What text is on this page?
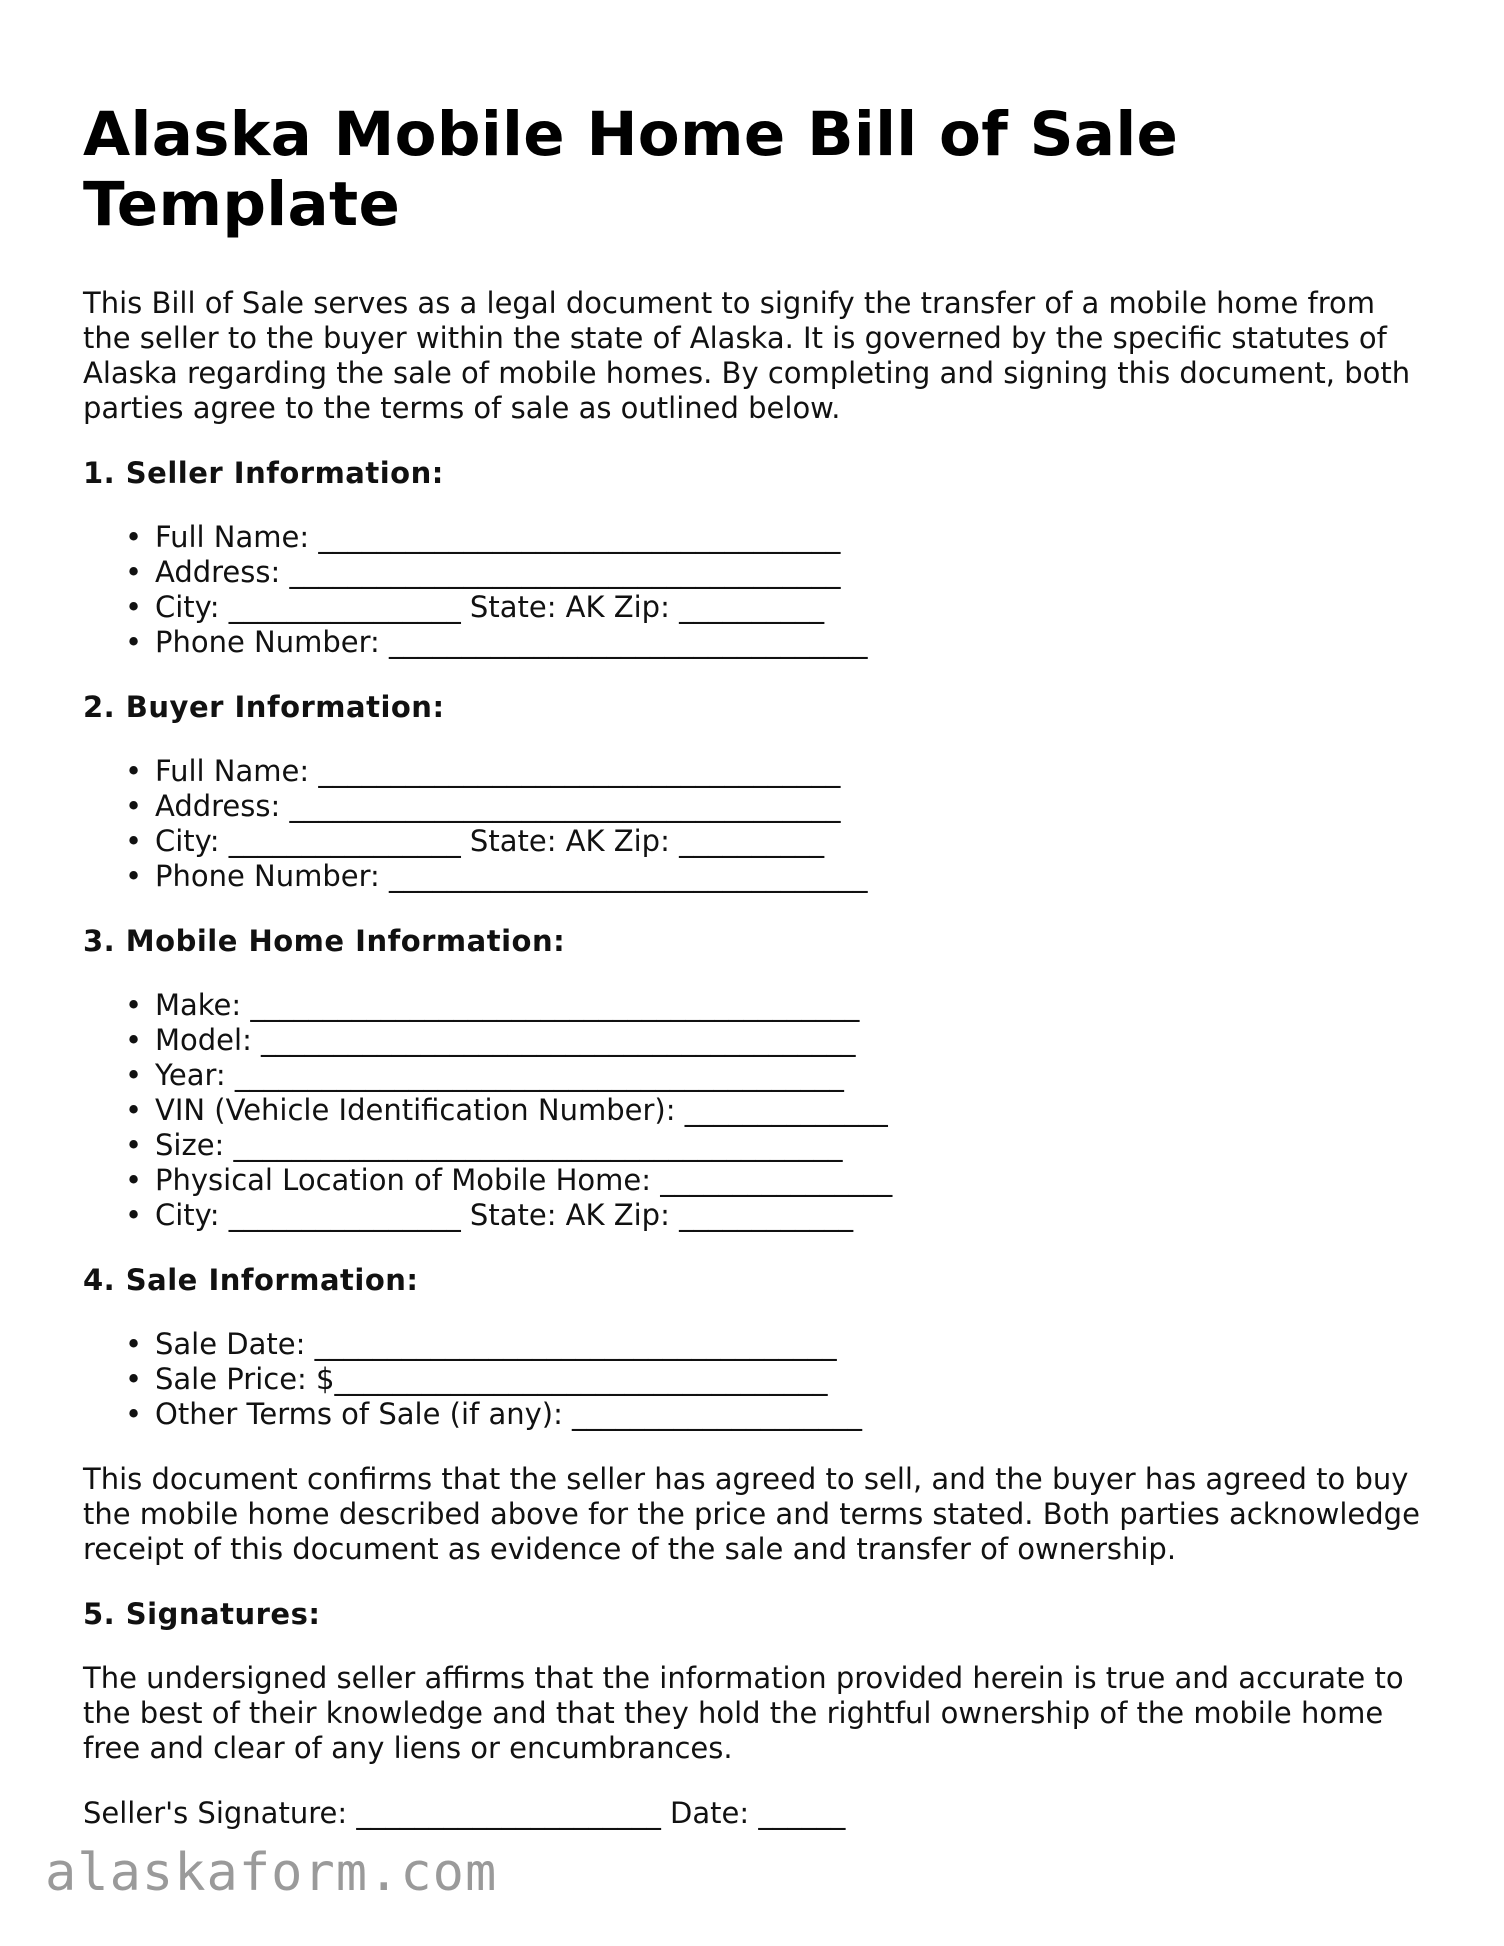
Alaska Mobile Home Bill of Sale Template

This Bill of Sale serves as a legal document to signify the transfer of a mobile home from the seller to the buyer within the state of Alaska. It is governed by the specific statutes of Alaska regarding the sale of mobile homes. By completing and signing this document, both parties agree to the terms of sale as outlined below.

1. Seller Information:
• Full Name: ____________________________________
• Address: ______________________________________
• City: ________________ State: AK Zip: __________
• Phone Number: _________________________________
2. Buyer Information:
• Full Name: ____________________________________
• Address: ______________________________________
• City: ________________ State: AK Zip: __________
• Phone Number: _________________________________
3. Mobile Home Information:
• Make: __________________________________________
• Model: _________________________________________
• Year: __________________________________________
• VIN (Vehicle Identification Number): ______________
• Size: __________________________________________
• Physical Location of Mobile Home: ________________
• City: ________________ State: AK Zip: ____________
4. Sale Information:
• Sale Date: ____________________________________
• Sale Price: $__________________________________
• Other Terms of Sale (if any): ____________________

This document confirms that the seller has agreed to sell, and the buyer has agreed to buy the mobile home described above for the price and terms stated. Both parties acknowledge receipt of this document as evidence of the sale and transfer of ownership.

5. Signatures:

The undersigned seller affirms that the information provided herein is true and accurate to the best of their knowledge and that they hold the rightful ownership of the mobile home free and clear of any liens or encumbrances.

Seller's Signature: _____________________ Date: ______
alaskaform.com
